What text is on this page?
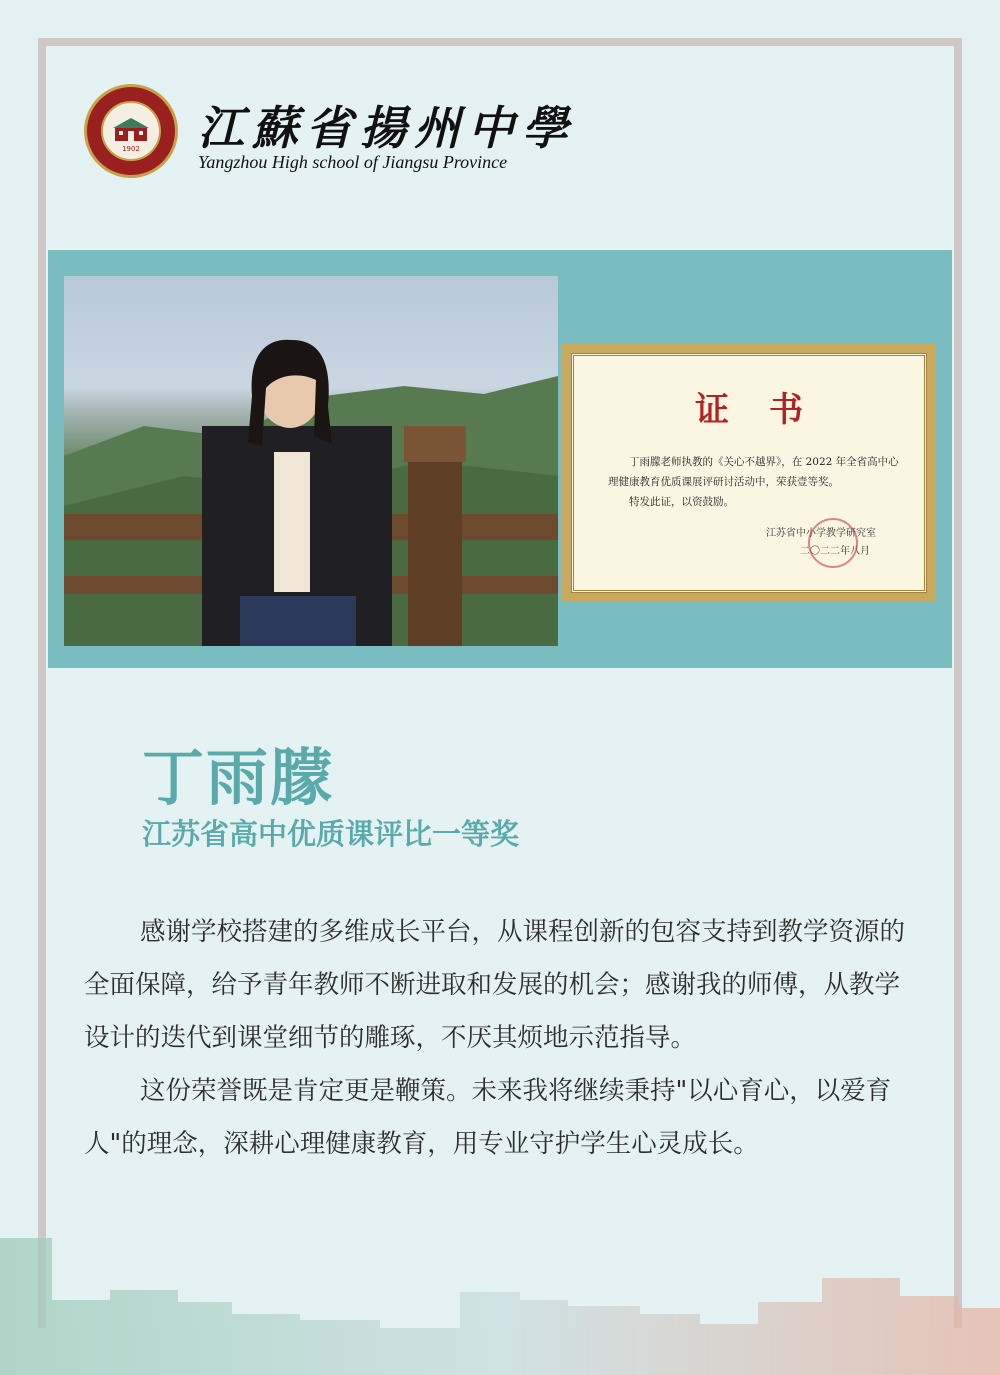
1902	江蘇省揚州中學
Yangzhou High school of Jiangsu Province
证书

丁雨朦老师执教的《关心不越界》，在 2022 年全省高中心理健康教育优质课展评研讨活动中，荣获壹等奖。

特发此证，以资鼓励。

江苏省中小学教学研究室
二〇二二年八月
丁雨朦
江苏省高中优质课评比一等奖

感谢学校搭建的多维成长平台，从课程创新的包容支持到教学资源的全面保障，给予青年教师不断进取和发展的机会；感谢我的师傅，从教学设计的迭代到课堂细节的雕琢，不厌其烦地示范指导。

这份荣誉既是肯定更是鞭策。未来我将继续秉持"以心育心，以爱育人"的理念，深耕心理健康教育，用专业守护学生心灵成长。
